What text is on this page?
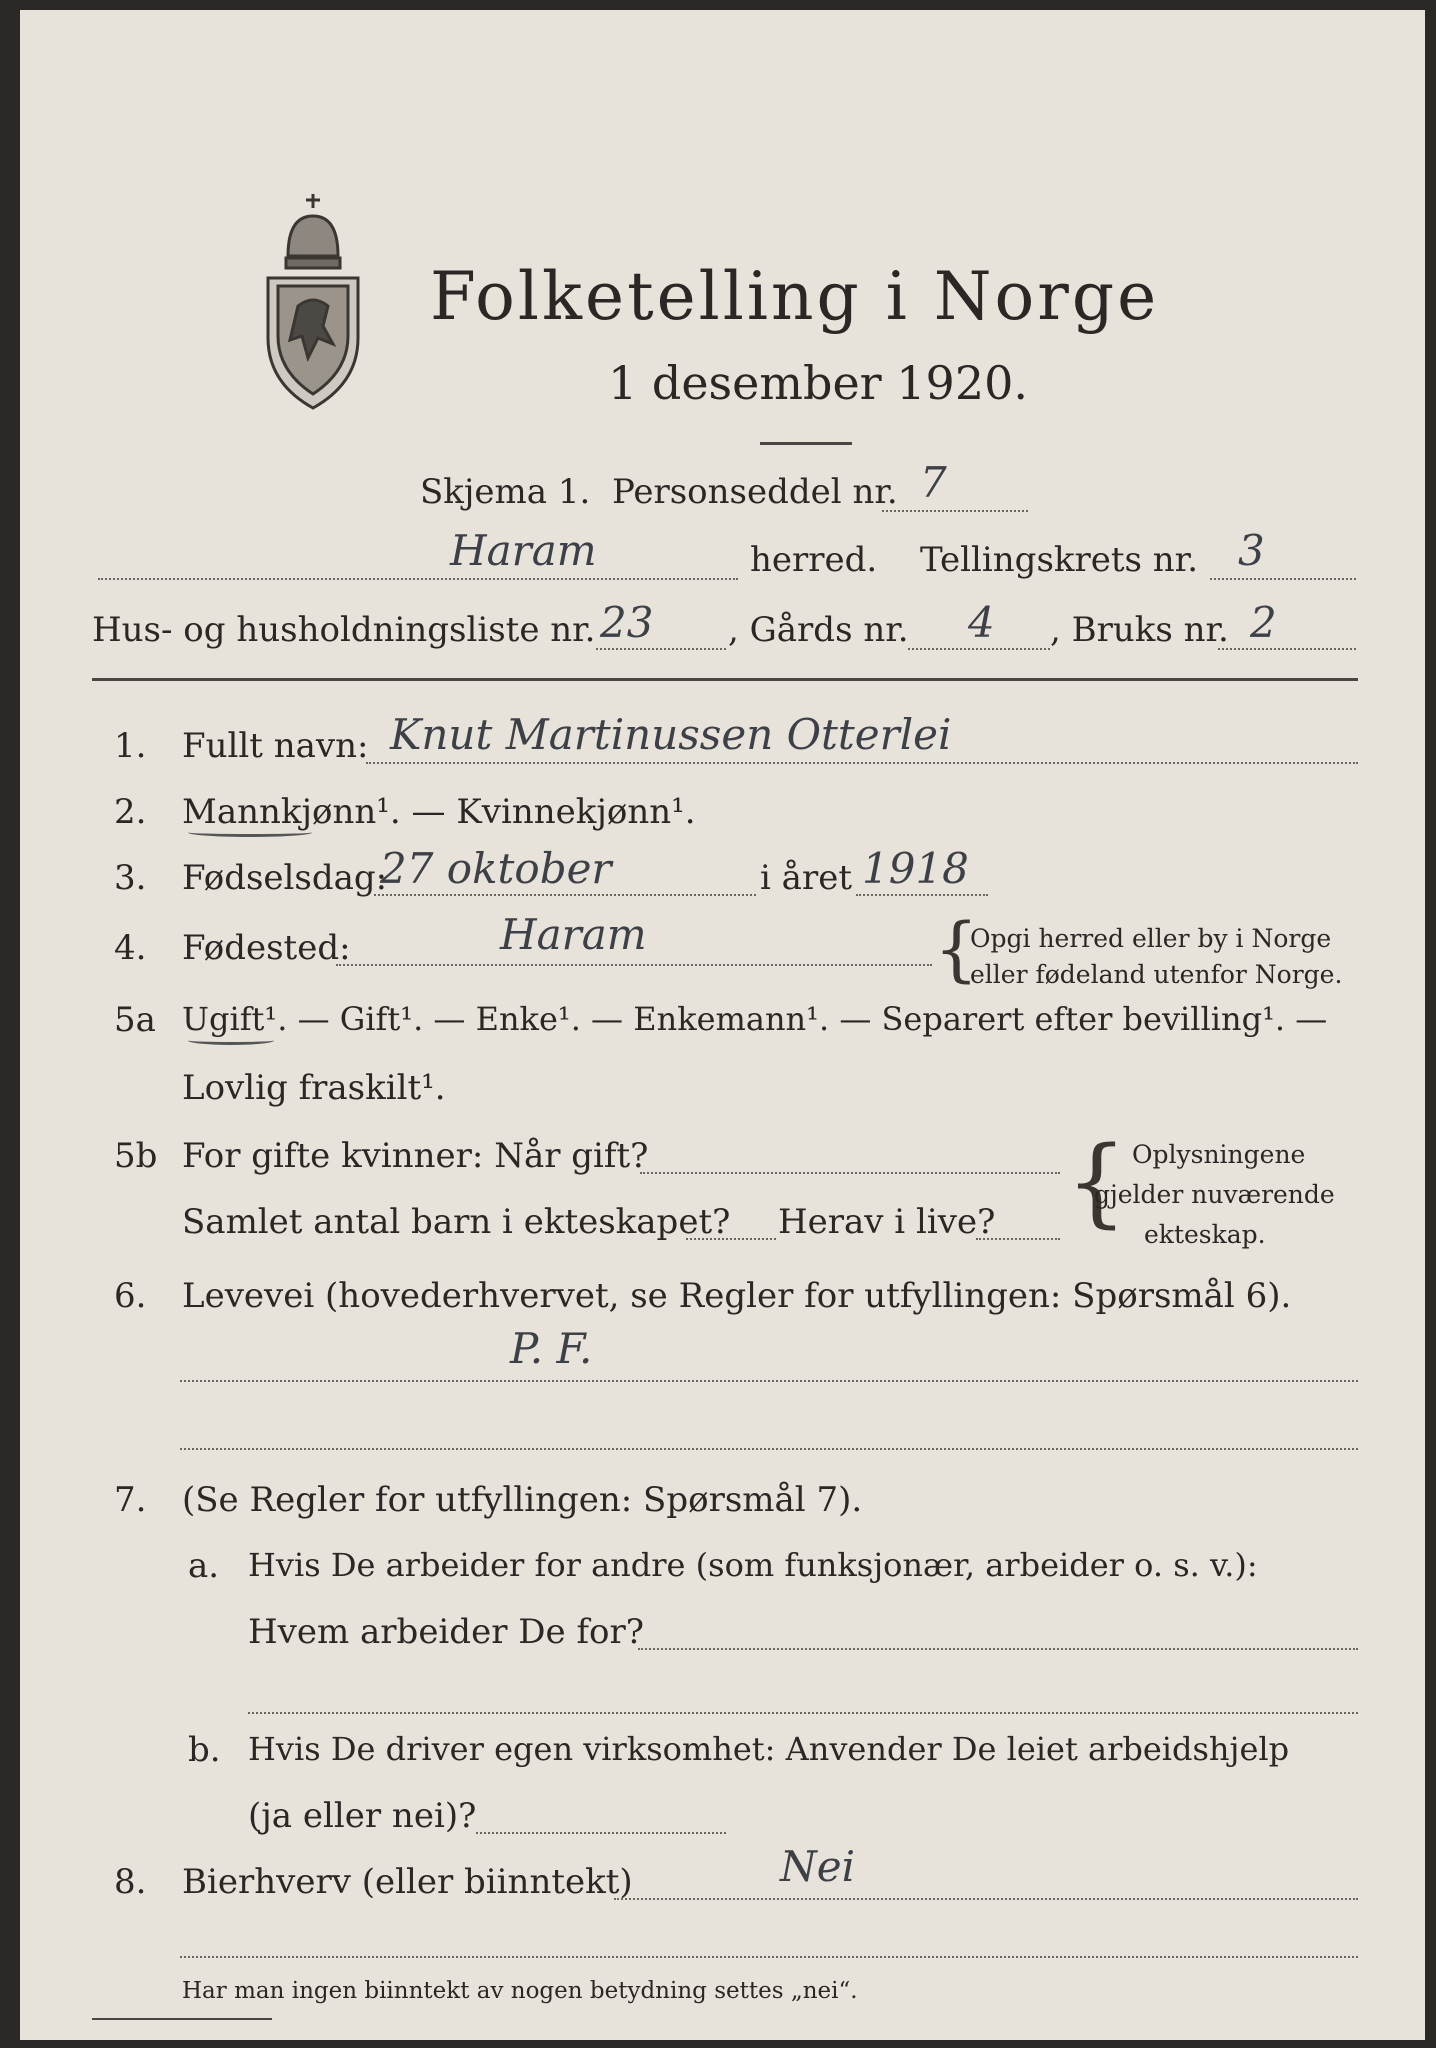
Folketelling i Norge
1 desember 1920.
Skjema 1. Personseddel nr. 7
Haram	herred. Tellingskrets nr. 3
Hus- og husholdningsliste nr. 23 , Gårds nr. 4 , Bruks nr. 2
1. Fullt navn: Knut Martinussen Otterlei
2. Mannkjønn¹. — Kvinnekjønn¹.
3. Fødselsdag:
27 oktober	i året 1918
4. Fødested:	Haram	{
Opgi herred eller by i Norge
eller fødeland utenfor Norge.
5a Ugift¹. — Gift¹. — Enke¹. — Enkemann¹. — Separert efter bevilling¹. —
Lovlig fraskilt¹.
5b For gifte kvinner: Når gift?
Samlet antal barn i ekteskapet? Herav i live? { Oplysningene
gjelder nuværende
ekteskap.
6. Levevei (hovederhvervet, se Regler for utfyllingen: Spørsmål 6).
P. F.
7. (Se Regler for utfyllingen: Spørsmål 7).
a. Hvis De arbeider for andre (som funksjonær, arbeider o. s. v.):
Hvem arbeider De for?
b. Hvis De driver egen virksomhet: Anvender De leiet arbeidshjelp
(ja eller nei)?
8. Bierhverv (eller biinntekt)	Nei
Har man ingen biinntekt av nogen betydning settes „nei“.
